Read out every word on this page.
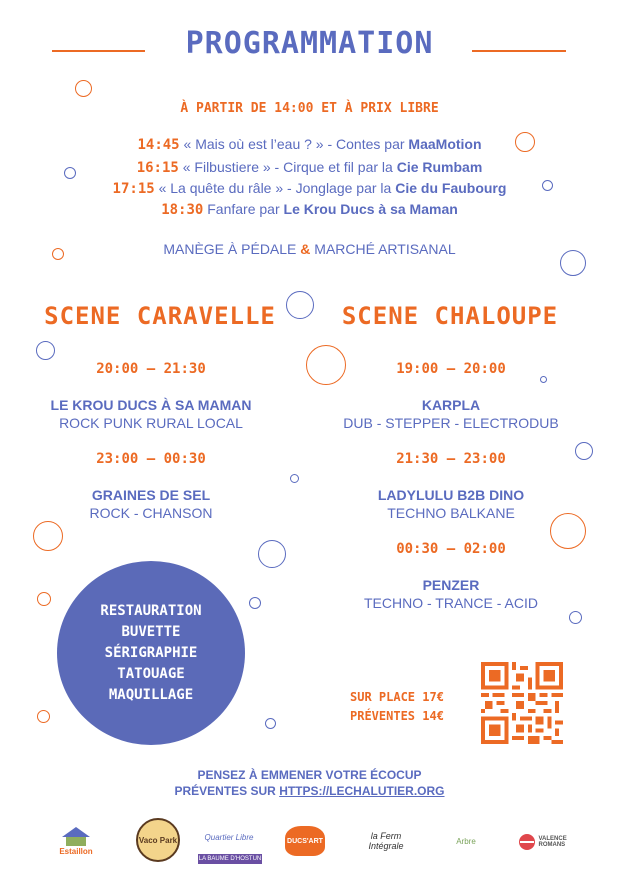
PROGRAMMATION
À PARTIR DE 14:00 ET À PRIX LIBRE
14:45 « Mais où est l’eau ? » - Contes par MaaMotion
16:15 « Filbustiere » - Cirque et fil par la Cie Rumbam
17:15 « La quête du râle » - Jonglage par la Cie du Faubourg
18:30 Fanfare par Le Krou Ducs à sa Maman
MANÈGE À PÉDALE & MARCHÉ ARTISANAL
SCENE CARAVELLE	SCENE CHALOUPE
20:00 – 21:30
LE KROU DUCS À SA MAMAN
ROCK PUNK RURAL LOCAL
23:00 – 00:30
GRAINES DE SEL
ROCK - CHANSON
19:00 – 20:00
KARPLA
DUB - STEPPER - ELECTRODUB
21:30 – 23:00
LADYLULU B2B DINO
TECHNO BALKANE
00:30 – 02:00
PENZER
TECHNO - TRANCE - ACID
RESTAURATION
BUVETTE
SÉRIGRAPHIE
TATOUAGE
MAQUILLAGE	SUR PLACE 17€
PRÉVENTES 14€
PENSEZ À EMMENER VOTRE ÉCOCUP
PRÉVENTES SUR HTTPS://LECHALUTIER.ORG
Estaillon
Vaco Park	Quartier Libre
LA BAUME D'HOSTUN
DUCS'ART	la Ferm Intégrale	Arbre	VALENCE ROMANS
